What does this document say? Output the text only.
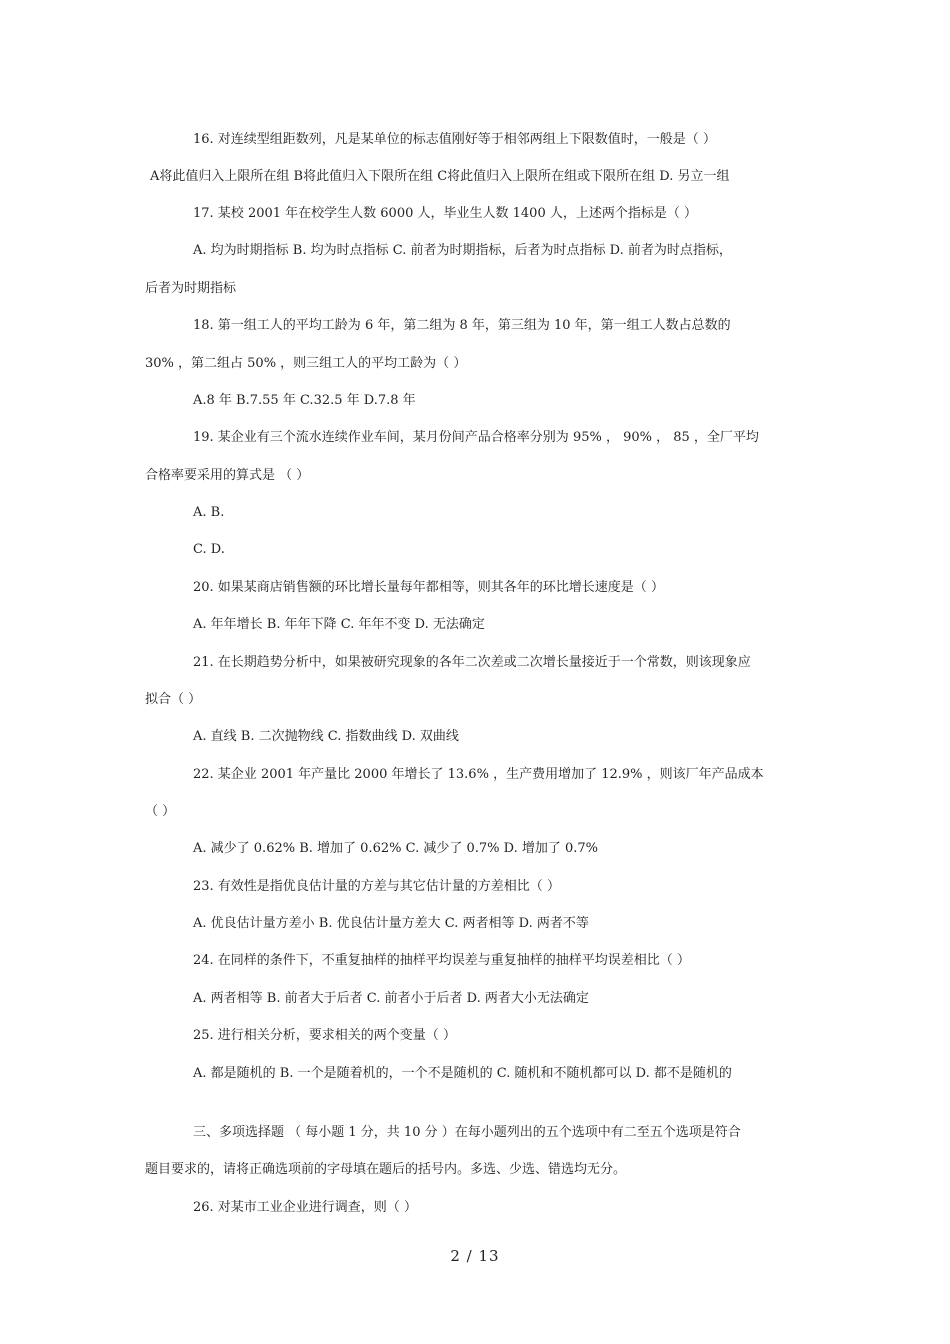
16. 对连续型组距数列，凡是某单位的标志值刚好等于相邻两组上下限数值时，一般是（ ）
A将此值归入上限所在组 B将此值归入下限所在组 C将此值归入上限所在组或下限所在组 D. 另立一组
17. 某校 2001 年在校学生人数 6000 人，毕业生人数 1400 人，上述两个指标是（ ）
A. 均为时期指标 B. 均为时点指标 C. 前者为时期指标，后者为时点指标 D. 前者为时点指标，
后者为时期指标
18. 第一组工人的平均工龄为 6 年，第二组为 8 年，第三组为 10 年，第一组工人数占总数的
30% ，第二组占 50% ，则三组工人的平均工龄为（ ）
A.8 年 B.7.55 年 C.32.5 年 D.7.8 年
19. 某企业有三个流水连续作业车间，某月份间产品合格率分别为 95% ， 90% ， 85 ，全厂平均
合格率要采用的算式是 （ ）
A. B.
C. D.
20. 如果某商店销售额的环比增长量每年都相等，则其各年的环比增长速度是（ ）
A. 年年增长 B. 年年下降 C. 年年不变 D. 无法确定
21. 在长期趋势分析中，如果被研究现象的各年二次差或二次增长量接近于一个常数，则该现象应
拟合（ ）
A. 直线 B. 二次抛物线 C. 指数曲线 D. 双曲线
22. 某企业 2001 年产量比 2000 年增长了 13.6% ，生产费用增加了 12.9% ，则该厂年产品成本
（ ）
A. 减少了 0.62% B. 增加了 0.62% C. 减少了 0.7% D. 增加了 0.7%
23. 有效性是指优良估计量的方差与其它估计量的方差相比（ ）
A. 优良估计量方差小 B. 优良估计量方差大 C. 两者相等 D. 两者不等
24. 在同样的条件下，不重复抽样的抽样平均误差与重复抽样的抽样平均误差相比（ ）
A. 两者相等 B. 前者大于后者 C. 前者小于后者 D. 两者大小无法确定
25. 进行相关分析，要求相关的两个变量（ ）
A. 都是随机的 B. 一个是随着机的，一个不是随机的 C. 随机和不随机都可以 D. 都不是随机的
三、多项选择题 （ 每小题 1 分，共 10 分 ）在每小题列出的五个选项中有二至五个选项是符合
题目要求的，请将正确选项前的字母填在题后的括号内。多选、少选、错选均无分。
26. 对某市工业企业进行调查，则（ ）
2 / 13
